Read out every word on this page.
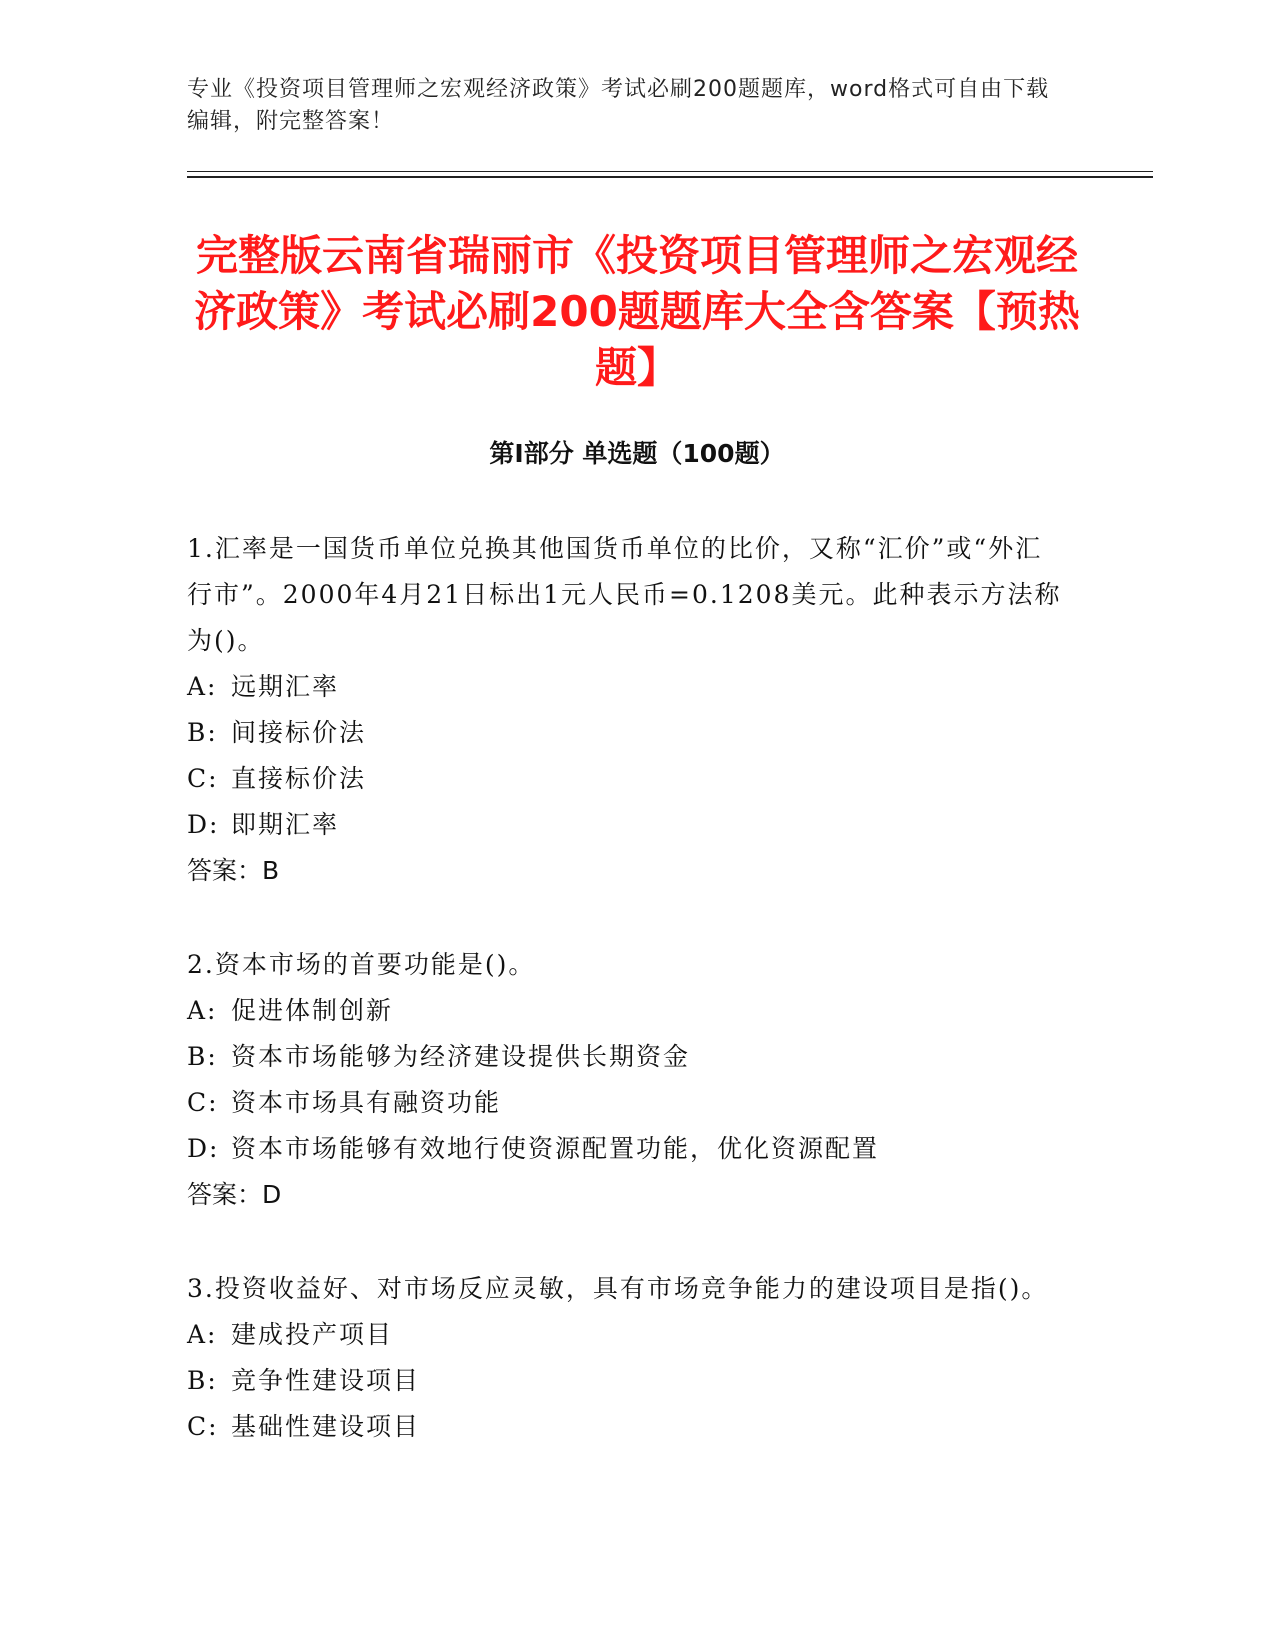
专业《投资项目管理师之宏观经济政策》考试必刷200题题库，word格式可自由下载编辑，附完整答案！
完整版云南省瑞丽市《投资项目管理师之宏观经济政策》考试必刷200题题库大全含答案【预热题】
第I部分 单选题（100题）

1.汇率是一国货币单位兑换其他国货币单位的比价，又称“汇价”或“外汇行市”。2000年4月21日标出1元人民币=0.1208美元。此种表示方法称为()。

A: 远期汇率
B: 间接标价法
C: 直接标价法
D: 即期汇率
答案：B

2.资本市场的首要功能是()。

A: 促进体制创新
B: 资本市场能够为经济建设提供长期资金
C: 资本市场具有融资功能
D: 资本市场能够有效地行使资源配置功能，优化资源配置
答案：D

3.投资收益好、对市场反应灵敏，具有市场竞争能力的建设项目是指()。

A: 建成投产项目
B: 竞争性建设项目
C: 基础性建设项目
